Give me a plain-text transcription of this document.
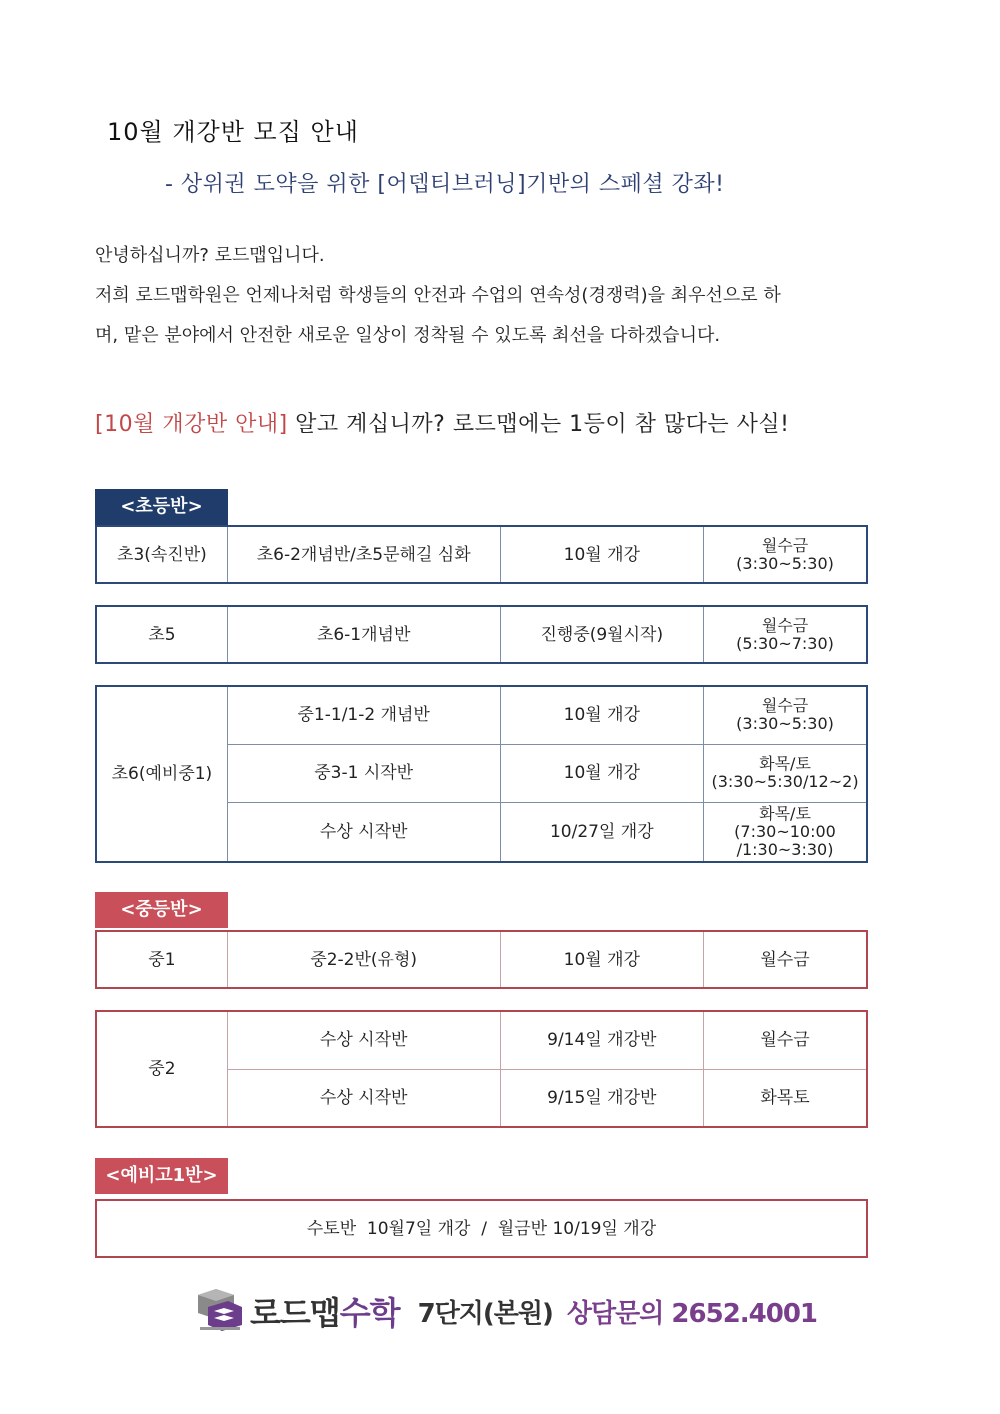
10월 개강반 모집 안내
- 상위권 도약을 위한 [어뎁티브러닝]기반의 스페셜 강좌!

안녕하십니까? 로드맵입니다.

저희 로드맵학원은 언제나처럼 학생들의 안전과 수업의 연속성(경쟁력)을 최우선으로 하

며, 맡은 분야에서 안전한 새로운 일상이 정착될 수 있도록 최선을 다하겠습니다.

[10월 개강반 안내] 알고 계십니까? 로드맵에는 1등이 참 많다는 사실!
<초등반>
초3(속진반)	초6-2개념반/초5문해길 심화	10월 개강	월수금
(3:30~5:30)
초5	초6-1개념반	진행중(9월시작)	월수금
(5:30~7:30)
초6(예비중1)	중1-1/1-2 개념반	10월 개강	월수금
(3:30~5:30)
	중3-1 시작반	10월 개강	화목/토
(3:30~5:30/12~2)
	수상 시작반	10/27일 개강	화목/토
(7:30~10:00
/1:30~3:30)
<중등반>
중1	중2-2반(유형)	10월 개강	월수금
중2	수상 시작반	9/14일 개강반	월수금
	수상 시작반	9/15일 개강반	화목토
<예비고1반>
수토반  10월7일 개강  /  월금반 10/19일 개강
로드맵수학 7단지(본원) 상담문의 2652.4001
